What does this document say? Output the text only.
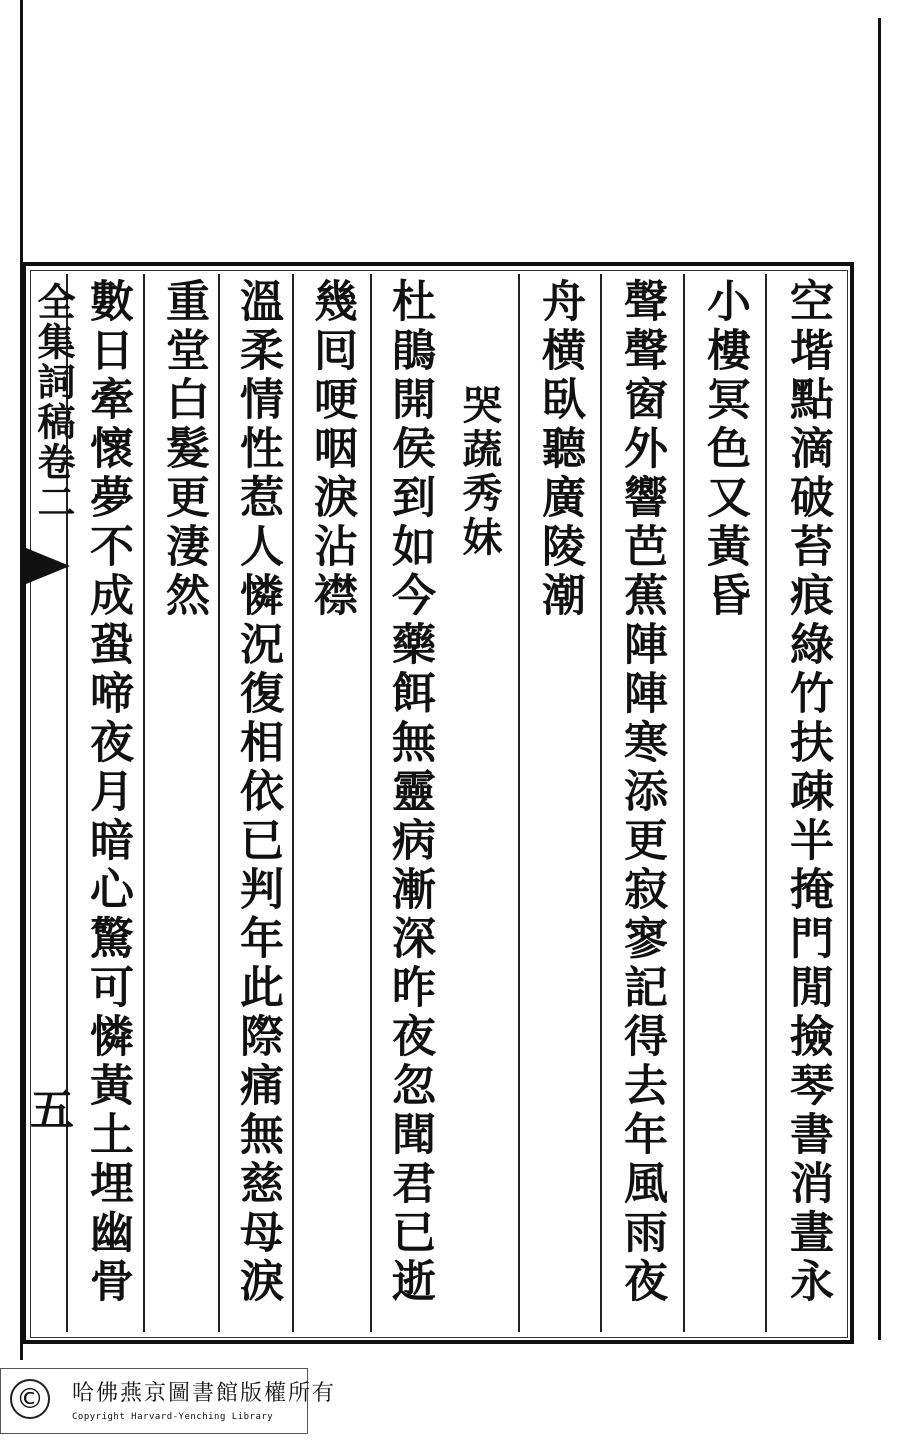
空堦點滴破苔痕綠竹扶疎半掩門閒撿琴書消晝永
小樓冥色又黃昏
聲聲窗外響芭蕉陣陣寒添更寂寥記得去年風雨夜
舟横臥聽廣陵潮
哭蔬秀妹
杜鵑開侯到如今藥餌無靈病漸深昨夜忽聞君已逝
幾囘哽咽淚沾襟
溫柔情性惹人憐況復相依已判年此際痛無慈母淚
重堂白髮更淒然
數日牽懷夢不成蛩啼夜月暗心驚可憐黃土埋幽骨
全集詞稿卷二
五
© 哈佛燕京圖書館版權所有
Copyright Harvard-Yenching Library
